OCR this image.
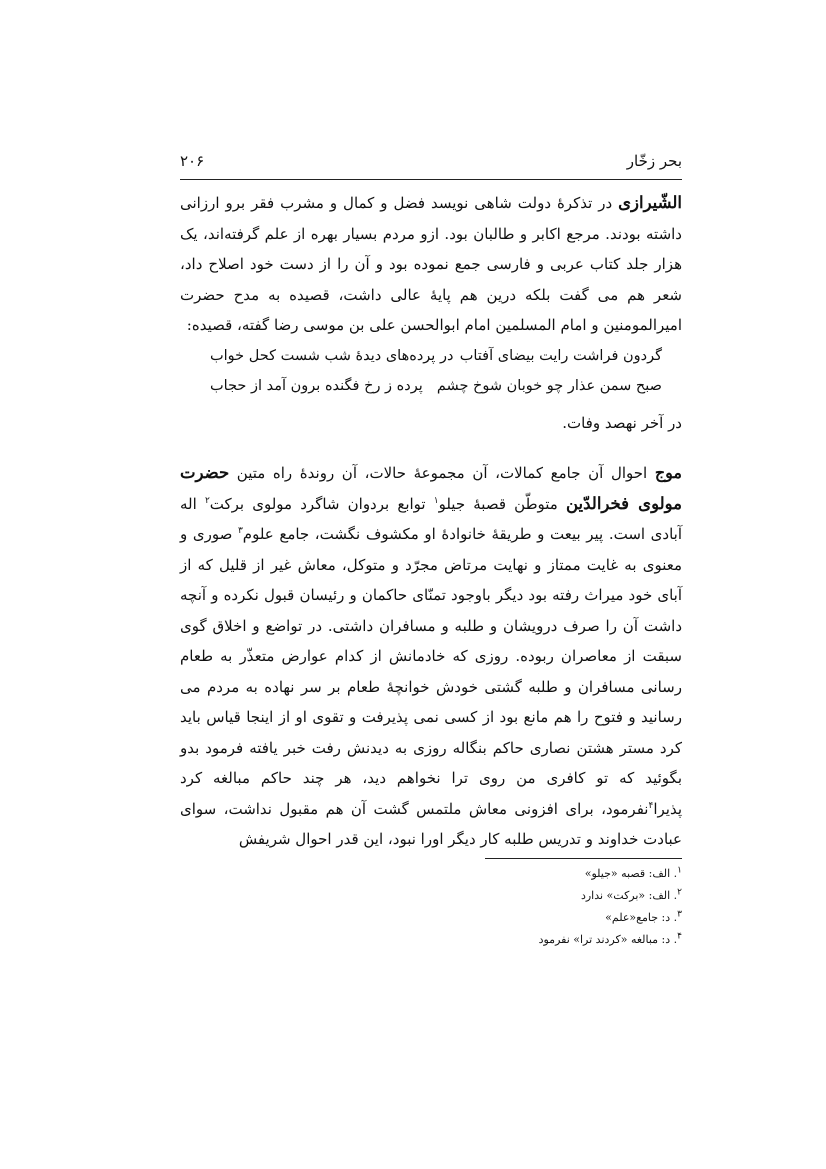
بحر زخّار
۲۰۶

الشّیرازی در تذکرۀ دولت شاهی نویسد فضل و کمال و مشرب فقر برو ارزانی داشته بودند. مرجع اکابر و طالبان بود. ازو مردم بسیار بهره از علم گرفته‌اند، یک هزار جلد کتاب عربی و فارسی جمع نموده بود و آن را از دست خود اصلاح داد، شعر هم می گفت بلکه درین هم پایۀ عالی داشت، قصیده به مدح حضرت امیرالمومنین و امام المسلمین امام ابوالحسن علی بن موسی رضا گفته، قصیده:

گردون فراشت رایت بیضای آفتاب
در پرده‌های دیدۀ شب شست کحل خواب
صبح سمن عذار چو خوبان شوخ چشم
پرده ز رخ فگنده برون آمد از حجاب

در آخر نهصد وفات.

موج احوال آن جامع کمالات، آن مجموعۀ حالات، آن روندۀ راه متین حضرت مولوی فخرالدّین متوطّن قصبۀ جیلو$^۱$ توابع بردوان شاگرد مولوی برکت$^۲$ اله آبادی است. پیر بیعت و طریقۀ خانوادۀ او مکشوف نگشت، جامع علوم$^۳$ صوری و معنوی به غایت ممتاز و نهایت مرتاض مجرّد و متوکل، معاش غیر از قلیل که از آبای خود میراث رفته بود دیگر باوجود تمنّای حاکمان و رئیسان قبول نکرده و آنچه داشت آن را صرف درویشان و طلبه و مسافران داشتی. در تواضع و اخلاق گوی سبقت از معاصران ربوده. روزی که خادمانش از کدام عوارض متعذّر به طعام رسانی مسافران و طلبه گشتی خودش خوانچۀ طعام بر سر نهاده به مردم می رسانید و فتوح را هم مانع بود از کسی نمی پذیرفت و تقوی او از اینجا قیاس باید کرد مستر هشتن نصاری حاکم بنگاله روزی به دیدنش رفت خبر یافته فرمود بدو بگوئید که تو کافری من روی ترا نخواهم دید، هر چند حاکم مبالغه کرد پذیرا$^۴$نفرمود، برای افزونی معاش ملتمس گشت آن هم مقبول نداشت، سوای عبادت خداوند و تدریس طلبه کار دیگر اورا نبود، این قدر احوال شریفش

$^۱$. الف: قصبه «جیلو»
$^۲$. الف: «برکت» ندارد
$^۳$. د: جامع«علم»
$^۴$. د: مبالغه «کردند ترا» نفرمود
